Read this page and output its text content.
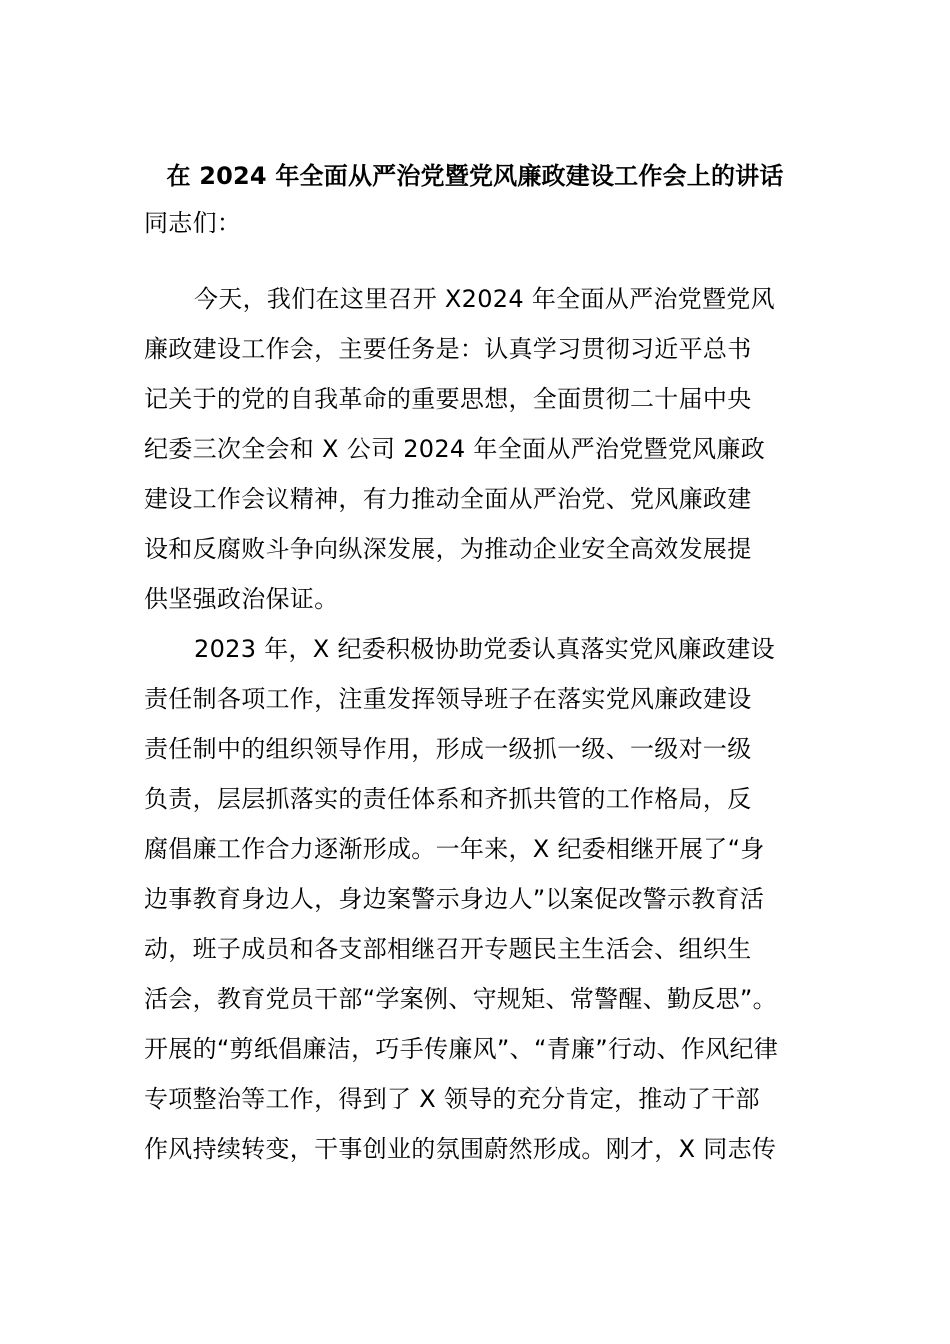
在 2024 年全面从严治党暨党风廉政建设工作会上的讲话
同志们：
今天，我们在这里召开 X2024 年全面从严治党暨党风
廉政建设工作会，主要任务是：认真学习贯彻习近平总书
记关于的党的自我革命的重要思想，全面贯彻二十届中央
纪委三次全会和 X 公司 2024 年全面从严治党暨党风廉政
建设工作会议精神，有力推动全面从严治党、党风廉政建
设和反腐败斗争向纵深发展，为推动企业安全高效发展提
供坚强政治保证。
2023 年，X 纪委积极协助党委认真落实党风廉政建设
责任制各项工作，注重发挥领导班子在落实党风廉政建设
责任制中的组织领导作用，形成一级抓一级、一级对一级
负责，层层抓落实的责任体系和齐抓共管的工作格局，反
腐倡廉工作合力逐渐形成。一年来，X 纪委相继开展了“身
边事教育身边人，身边案警示身边人”以案促改警示教育活
动，班子成员和各支部相继召开专题民主生活会、组织生
活会，教育党员干部“学案例、守规矩、常警醒、勤反思”。
开展的“剪纸倡廉洁，巧手传廉风”、“青廉”行动、作风纪律
专项整治等工作，得到了 X 领导的充分肯定，推动了干部
作风持续转变，干事创业的氛围蔚然形成。刚才，X 同志传
